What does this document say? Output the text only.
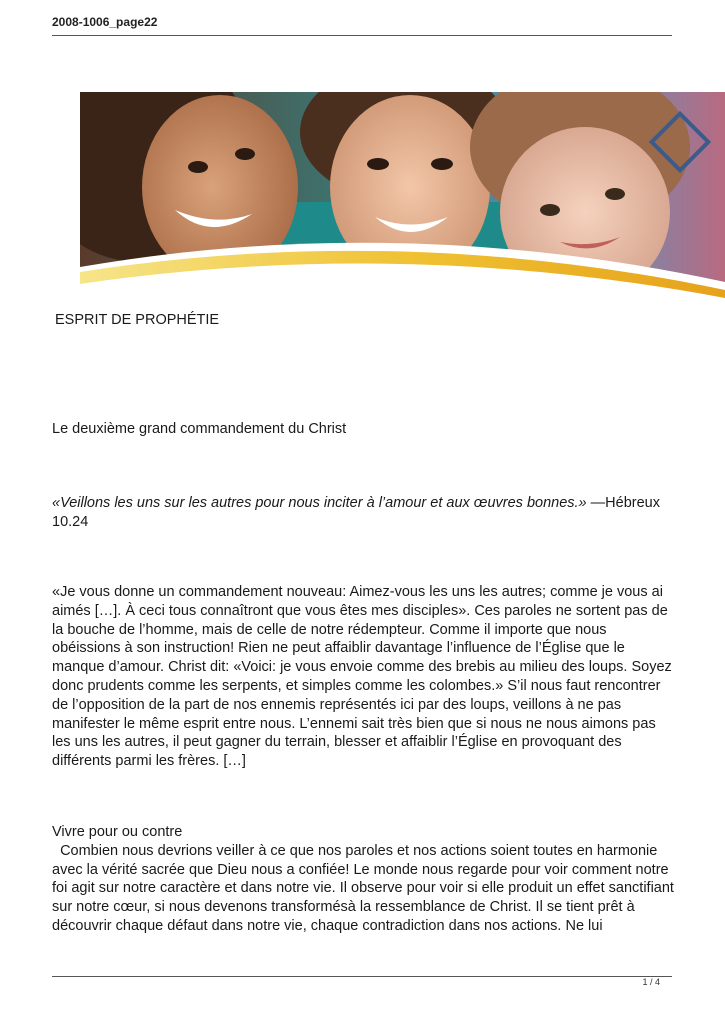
2008-1006_page22
ESPRIT DE PROPHÉTIE
Le deuxième grand commandement du Christ
«Veillons les uns sur les autres pour nous inciter à l’amour et aux œuvres bonnes.» —Hébreux 10.24
«Je vous donne un commandement nouveau: Aimez-vous les uns les autres; comme je vous ai aimés […]. À ceci tous connaîtront que vous êtes mes disciples». Ces paroles ne sortent pas de la bouche de l’homme, mais de celle de notre rédempteur. Comme il importe que nous obéissions à son instruction! Rien ne peut affaiblir davantage l’influence de l’Église que le manque d’amour. Christ dit: «Voici: je vous envoie comme des brebis au milieu des loups. Soyez donc prudents comme les serpents, et simples comme les colombes.» S’il nous faut rencontrer de l’opposition de la part de nos ennemis représentés ici par des loups, veillons à ne pas manifester le même esprit entre nous. L’ennemi sait très bien que si nous ne nous aimons pas les uns les autres, il peut gagner du terrain, blesser et affaiblir l’Église en provoquant des différents parmi les frères. […]
Vivre pour ou contre
Combien nous devrions veiller à ce que nos paroles et nos actions soient toutes en harmonie avec la vérité sacrée que Dieu nous a confiée! Le monde nous regarde pour voir comment notre foi agit sur notre caractère et dans notre vie. Il observe pour voir si elle produit un effet sanctifiant sur notre cœur, si nous devenons transformésà la ressemblance de Christ. Il se tient prêt à découvrir chaque défaut dans notre vie, chaque contradiction dans nos actions. Ne lui
1 / 4
